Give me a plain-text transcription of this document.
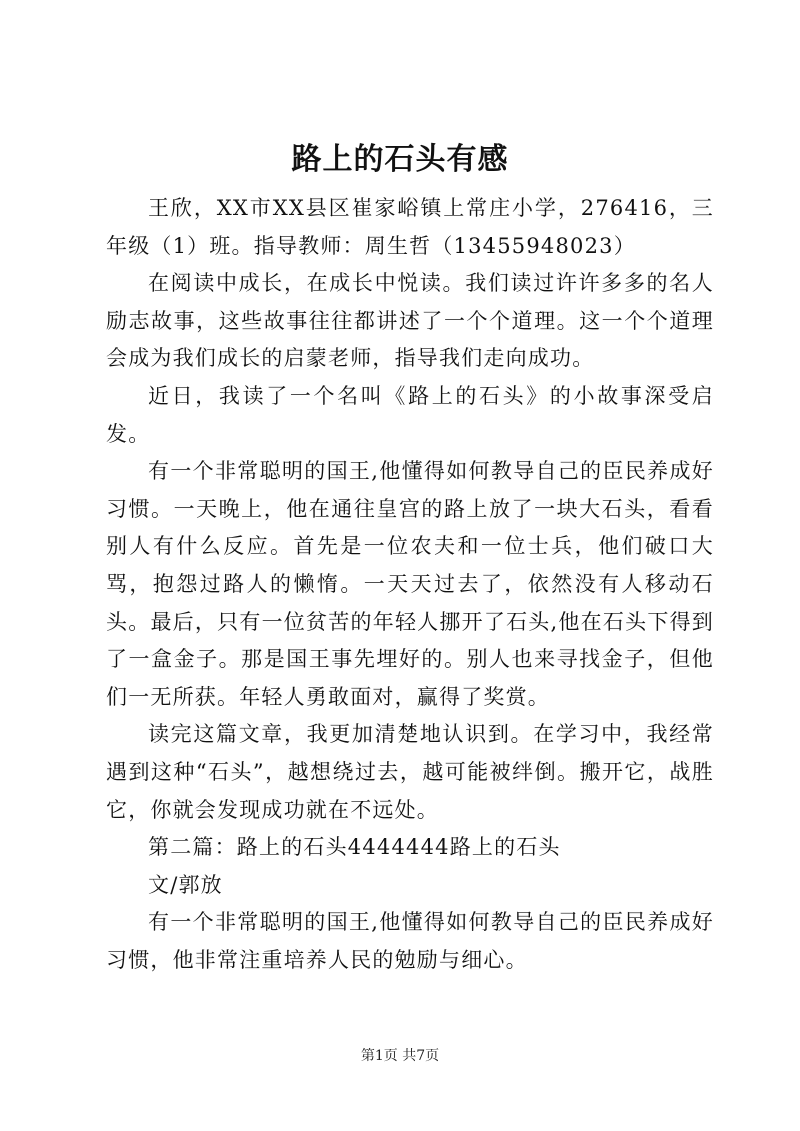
路上的石头有感

王欣，XX市XX县区崔家峪镇上常庄小学，276416，三年级（1）班。指导教师：周生哲（13455948023）

在阅读中成长，在成长中悦读。我们读过许许多多的名人励志故事，这些故事往往都讲述了一个个道理。这一个个道理会成为我们成长的启蒙老师，指导我们走向成功。

近日，我读了一个名叫《路上的石头》的小故事深受启发。

有一个非常聪明的国王,他懂得如何教导自己的臣民养成好习惯。一天晚上，他在通往皇宫的路上放了一块大石头，看看别人有什么反应。首先是一位农夫和一位士兵，他们破口大骂，抱怨过路人的懒惰。一天天过去了，依然没有人移动石头。最后，只有一位贫苦的年轻人挪开了石头,他在石头下得到了一盒金子。那是国王事先埋好的。别人也来寻找金子，但他们一无所获。年轻人勇敢面对，赢得了奖赏。

读完这篇文章，我更加清楚地认识到。在学习中，我经常遇到这种“石头”，越想绕过去，越可能被绊倒。搬开它，战胜它，你就会发现成功就在不远处。

第二篇：路上的石头4444444路上的石头

文/郭放

有一个非常聪明的国王,他懂得如何教导自己的臣民养成好习惯，他非常注重培养人民的勉励与细心。

第1页 共7页
